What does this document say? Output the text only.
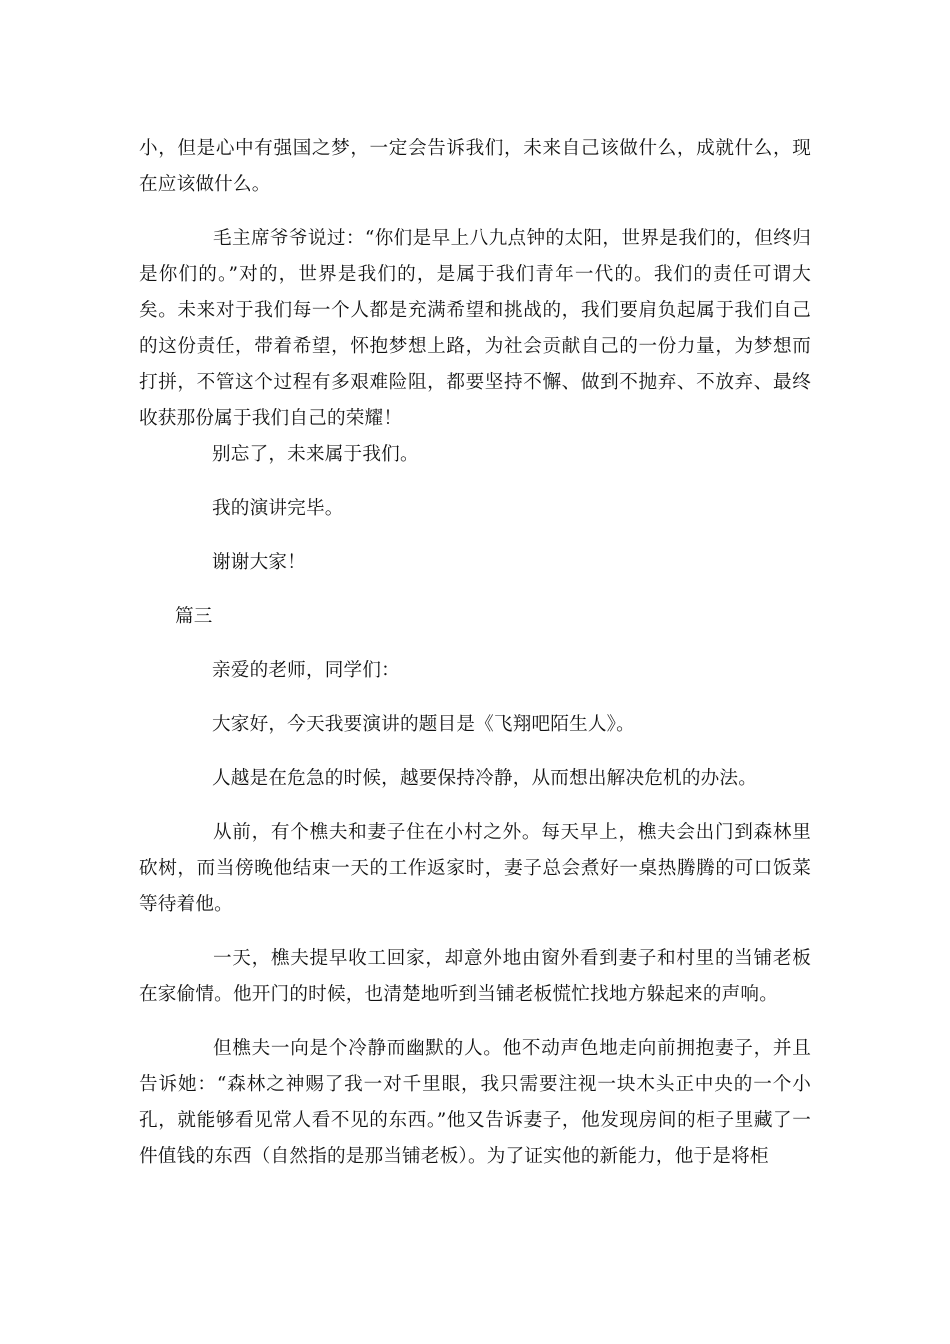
小，但是心中有强国之梦，一定会告诉我们，未来自己该做什么，成就什么，现在应该做什么。

毛主席爷爷说过：“你们是早上八九点钟的太阳，世界是我们的，但终归是你们的。”对的，世界是我们的，是属于我们青年一代的。我们的责任可谓大矣。未来对于我们每一个人都是充满希望和挑战的，我们要肩负起属于我们自己的这份责任，带着希望，怀抱梦想上路，为社会贡献自己的一份力量，为梦想而打拼，不管这个过程有多艰难险阻，都要坚持不懈、做到不抛弃、不放弃、最终收获那份属于我们自己的荣耀！

别忘了，未来属于我们。

我的演讲完毕。

谢谢大家！

篇三

亲爱的老师，同学们：

大家好，今天我要演讲的题目是《飞翔吧陌生人》。

人越是在危急的时候，越要保持冷静，从而想出解决危机的办法。

从前，有个樵夫和妻子住在小村之外。每天早上，樵夫会出门到森林里砍树，而当傍晚他结束一天的工作返家时，妻子总会煮好一桌热腾腾的可口饭菜等待着他。

一天，樵夫提早收工回家，却意外地由窗外看到妻子和村里的当铺老板在家偷情。他开门的时候，也清楚地听到当铺老板慌忙找地方躲起来的声响。

但樵夫一向是个冷静而幽默的人。他不动声色地走向前拥抱妻子，并且告诉她：“森林之神赐了我一对千里眼，我只需要注视一块木头正中央的一个小孔，就能够看见常人看不见的东西。”他又告诉妻子，他发现房间的柜子里藏了一件值钱的东西（自然指的是那当铺老板）。为了证实他的新能力，他于是将柜
